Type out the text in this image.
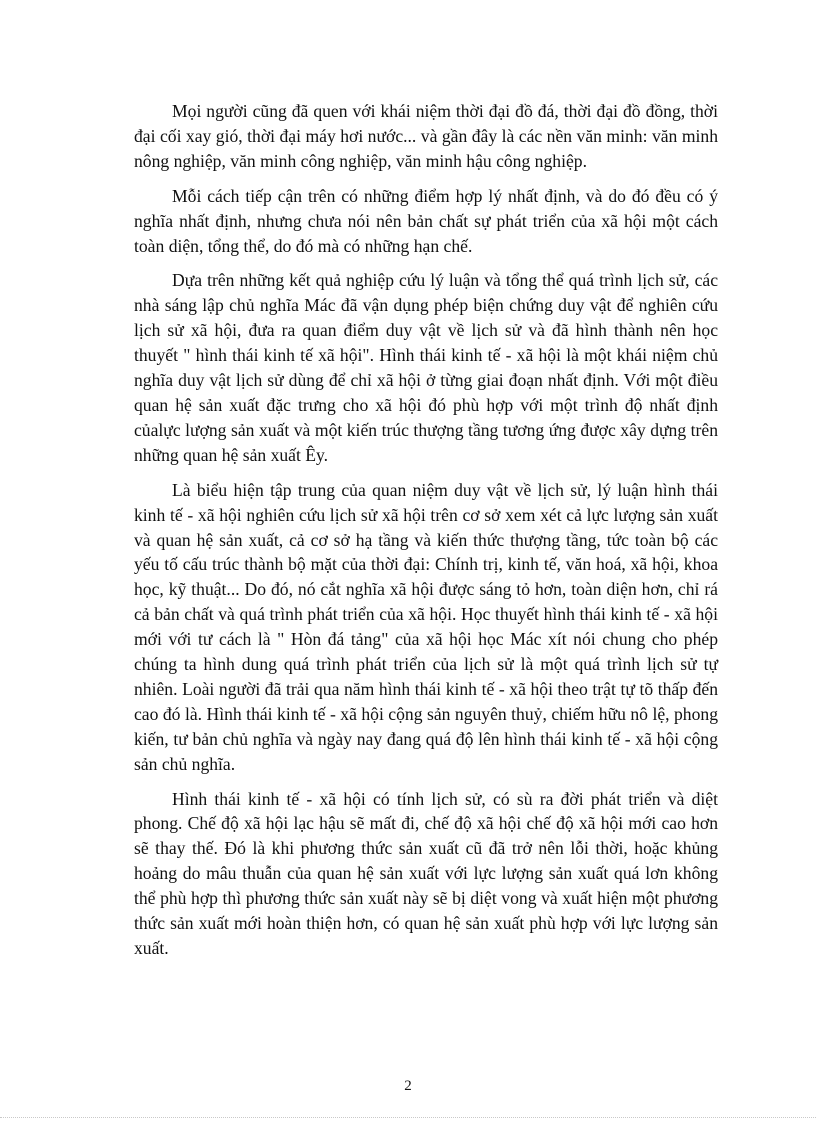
Mọi người cũng đã quen với khái niệm thời đại đồ đá, thời đại đồ đồng, thời đại cối xay gió, thời đại máy hơi nước... và gần đây là các nền văn minh: văn minh nông nghiệp, văn minh công nghiệp, văn minh hậu công nghiệp.

Mỗi cách tiếp cận trên có những điểm hợp lý nhất định, và do đó đều có ý nghĩa nhất định, nhưng chưa nói nên bản chất sự phát triển của xã hội một cách toàn diện, tổng thể, do đó mà có những hạn chế.

Dựa trên những kết quả nghiệp cứu lý luận và tổng thể quá trình lịch sử, các nhà sáng lập chủ nghĩa Mác đã vận dụng phép biện chứng duy vật để nghiên cứu lịch sử xã hội, đưa ra quan điểm duy vật về lịch sử và đã hình thành nên học thuyết " hình thái kinh tế xã hội". Hình thái kinh tế - xã hội là một khái niệm chủ nghĩa duy vật lịch sử dùng để chỉ xã hội ở từng giai đoạn nhất định. Với một điều quan hệ sản xuất đặc trưng cho xã hội đó phù hợp với một trình độ nhất định củalực lượng sản xuất và một kiến trúc thượng tầng tương ứng được xây dựng trên những quan hệ sản xuất Êy.

Là biểu hiện tập trung của quan niệm duy vật về lịch sử, lý luận hình thái kinh tế - xã hội nghiên cứu lịch sử xã hội trên cơ sở xem xét cả lực lượng sản xuất và quan hệ sản xuất, cả cơ sở hạ tầng và kiến thức thượng tầng, tức toàn bộ các yếu tố cấu trúc thành bộ mặt của thời đại: Chính trị, kinh tế, văn hoá, xã hội, khoa học, kỹ thuật... Do đó, nó cắt nghĩa xã hội được sáng tỏ hơn, toàn diện hơn, chỉ rá cả bản chất và quá trình phát triển của xã hội. Học thuyết hình thái kinh tế - xã hội mới với tư cách là " Hòn đá tảng" của xã hội học Mác xít nói chung cho phép chúng ta hình dung quá trình phát triển của lịch sử là một quá trình lịch sử tự nhiên. Loài người đã trải qua năm hình thái kinh tế - xã hội theo trật tự tõ thấp đến cao đó là. Hình thái kinh tế - xã hội cộng sản nguyên thuỷ, chiếm hữu nô lệ, phong kiến, tư bản chủ nghĩa và ngày nay đang quá độ lên hình thái kinh tế - xã hội cộng sản chủ nghĩa.

Hình thái kinh tế - xã hội có tính lịch sử, có sù ra đời phát triển và diệt phong. Chế độ xã hội lạc hậu sẽ mất đi, chế độ xã hội chế độ xã hội mới cao hơn sẽ thay thế. Đó là khi phương thức sản xuất cũ đã trở nên lỗi thời, hoặc khủng hoảng do mâu thuẫn của quan hệ sản xuất với lực lượng sản xuất quá lơn không thể phù hợp thì phương thức sản xuất này sẽ bị diệt vong và xuất hiện một phương thức sản xuất mới hoàn thiện hơn, có quan hệ sản xuất phù hợp với lực lượng sản xuất.

2
